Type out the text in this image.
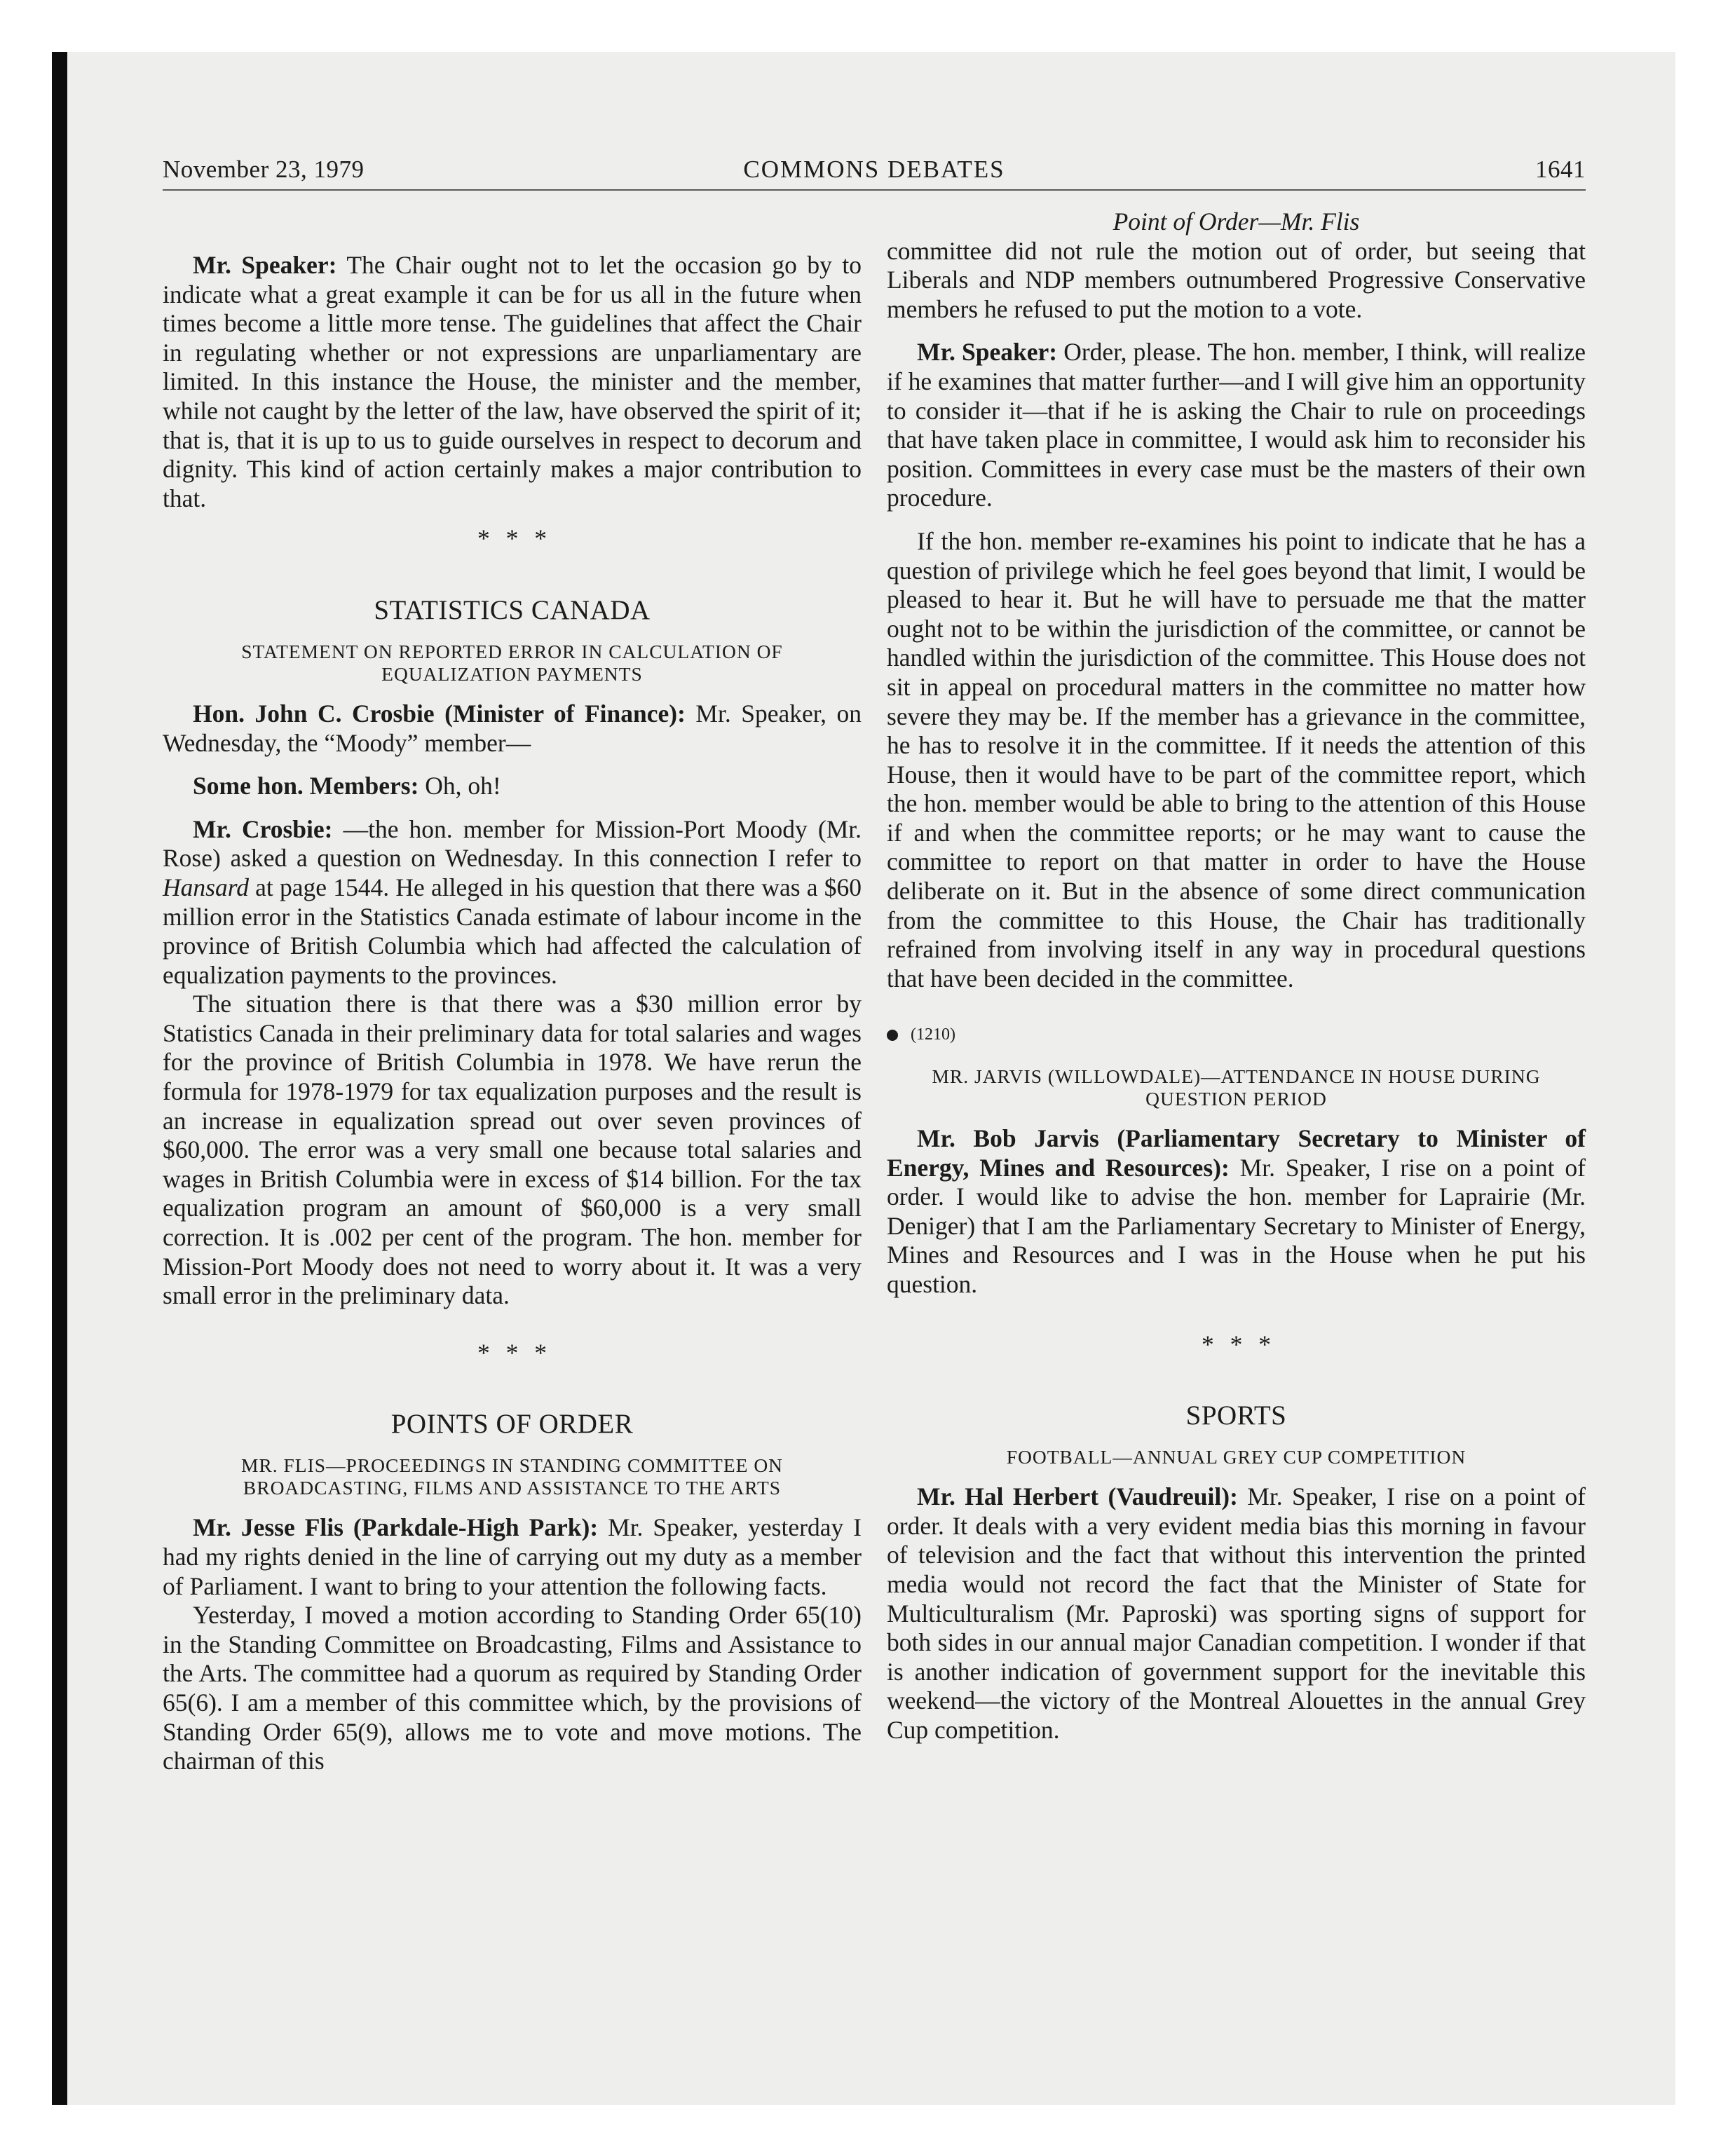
November 23, 1979	COMMONS DEBATES	1641

Mr. Speaker: The Chair ought not to let the occasion go by to indicate what a great example it can be for us all in the future when times become a little more tense. The guidelines that affect the Chair in regulating whether or not expressions are unparliamentary are limited. In this instance the House, the minister and the member, while not caught by the letter of the law, have observed the spirit of it; that is, that it is up to us to guide ourselves in respect to decorum and dignity. This kind of action certainly makes a major contribution to that.

* * *
STATISTICS CANADA
STATEMENT ON REPORTED ERROR IN CALCULATION OF EQUALIZATION PAYMENTS

Hon. John C. Crosbie (Minister of Finance): Mr. Speaker, on Wednesday, the “Moody” member—

Some hon. Members: Oh, oh!

Mr. Crosbie: —the hon. member for Mission-Port Moody (Mr. Rose) asked a question on Wednesday. In this connection I refer to Hansard at page 1544. He alleged in his question that there was a $60 million error in the Statistics Canada estimate of labour income in the province of British Columbia which had affected the calculation of equalization payments to the provinces.

The situation there is that there was a $30 million error by Statistics Canada in their preliminary data for total salaries and wages for the province of British Columbia in 1978. We have rerun the formula for 1978-1979 for tax equalization purposes and the result is an increase in equalization spread out over seven provinces of $60,000. The error was a very small one because total salaries and wages in British Columbia were in excess of $14 billion. For the tax equalization program an amount of $60,000 is a very small correction. It is .002 per cent of the program. The hon. member for Mission-Port Moody does not need to worry about it. It was a very small error in the preliminary data.

* * *
POINTS OF ORDER
MR. FLIS—PROCEEDINGS IN STANDING COMMITTEE ON BROADCASTING, FILMS AND ASSISTANCE TO THE ARTS

Mr. Jesse Flis (Parkdale-High Park): Mr. Speaker, yesterday I had my rights denied in the line of carrying out my duty as a member of Parliament. I want to bring to your attention the following facts.

Yesterday, I moved a motion according to Standing Order 65(10) in the Standing Committee on Broadcasting, Films and Assistance to the Arts. The committee had a quorum as required by Standing Order 65(6). I am a member of this committee which, by the provisions of Standing Order 65(9), allows me to vote and move motions. The chairman of this

Point of Order—Mr. Flis

committee did not rule the motion out of order, but seeing that Liberals and NDP members outnumbered Progressive Conservative members he refused to put the motion to a vote.

Mr. Speaker: Order, please. The hon. member, I think, will realize if he examines that matter further—and I will give him an opportunity to consider it—that if he is asking the Chair to rule on proceedings that have taken place in committee, I would ask him to reconsider his position. Committees in every case must be the masters of their own procedure.

If the hon. member re-examines his point to indicate that he has a question of privilege which he feel goes beyond that limit, I would be pleased to hear it. But he will have to persuade me that the matter ought not to be within the jurisdiction of the committee, or cannot be handled within the jurisdiction of the committee. This House does not sit in appeal on procedural matters in the committee no matter how severe they may be. If the member has a grievance in the committee, he has to resolve it in the committee. If it needs the attention of this House, then it would have to be part of the committee report, which the hon. member would be able to bring to the attention of this House if and when the committee reports; or he may want to cause the committee to report on that matter in order to have the House deliberate on it. But in the absence of some direct communication from the committee to this House, the Chair has traditionally refrained from involving itself in any way in procedural questions that have been decided in the committee.

(1210)
MR. JARVIS (WILLOWDALE)—ATTENDANCE IN HOUSE DURING QUESTION PERIOD

Mr. Bob Jarvis (Parliamentary Secretary to Minister of Energy, Mines and Resources): Mr. Speaker, I rise on a point of order. I would like to advise the hon. member for Laprairie (Mr. Deniger) that I am the Parliamentary Secretary to Minister of Energy, Mines and Resources and I was in the House when he put his question.

* * *
SPORTS
FOOTBALL—ANNUAL GREY CUP COMPETITION

Mr. Hal Herbert (Vaudreuil): Mr. Speaker, I rise on a point of order. It deals with a very evident media bias this morning in favour of television and the fact that without this intervention the printed media would not record the fact that the Minister of State for Multiculturalism (Mr. Paproski) was sporting signs of support for both sides in our annual major Canadian competition. I wonder if that is another indication of government support for the inevitable this weekend—the victory of the Montreal Alouettes in the annual Grey Cup competition.
